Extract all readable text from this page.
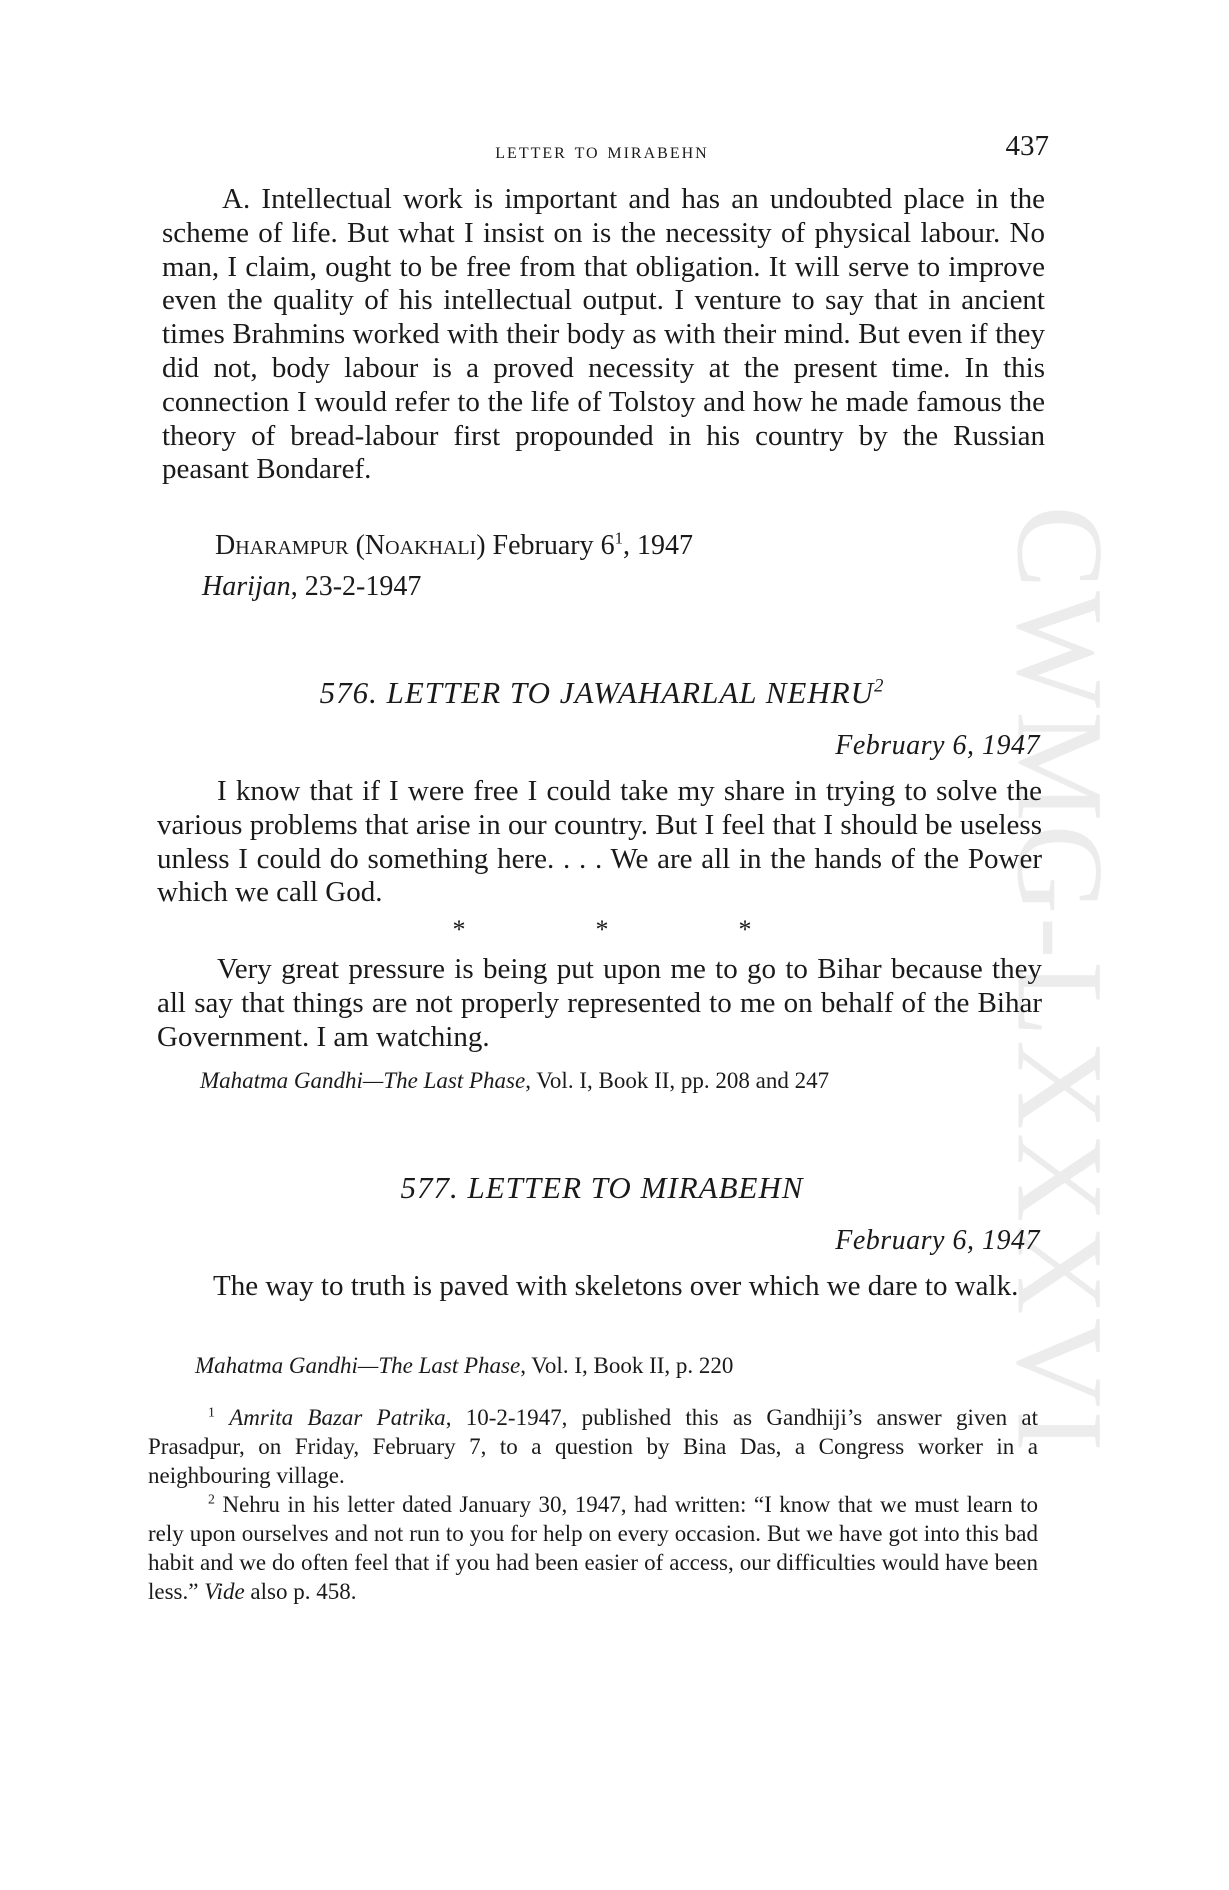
CWMG-LXXXVI
letter to mirabehn	437

A. Intellectual work is important and has an undoubted place in the scheme of life. But what I insist on is the necessity of physical labour. No man, I claim, ought to be free from that obligation. It will serve to improve even the quality of his intellectual output. I venture to say that in ancient times Brahmins worked with their body as with their mind. But even if they did not, body labour is a proved necessity at the present time. In this connection I would refer to the life of Tolstoy and how he made famous the theory of bread-labour first propounded in his country by the Russian peasant Bondaref.

Dharampur (Noakhali) February $6^1$, 1947
Harijan, 23-2-1947
576. LETTER TO JAWAHARLAL NEHRU$^2$
February 6, 1947

I know that if I were free I could take my share in trying to solve the various problems that arise in our country. But I feel that I should be useless unless I could do something here. . . . We are all in the hands of the Power which we call God.

*	*	*

Very great pressure is being put upon me to go to Bihar because they all say that things are not properly represented to me on behalf of the Bihar Government. I am watching.

Mahatma Gandhi—The Last Phase, Vol. I, Book II, pp. 208 and 247
577. LETTER TO MIRABEHN
February 6, 1947

The way to truth is paved with skeletons over which we dare to walk.

Mahatma Gandhi—The Last Phase, Vol. I, Book II, p. 220

$^1$ Amrita Bazar Patrika, 10-2-1947, published this as Gandhiji’s answer given at Prasadpur, on Friday, February 7, to a question by Bina Das, a Congress worker in a neighbouring village.

$^2$ Nehru in his letter dated January 30, 1947, had written: “I know that we must learn to rely upon ourselves and not run to you for help on every occasion. But we have got into this bad habit and we do often feel that if you had been easier of access, our difficulties would have been less.” Vide also p. 458.
